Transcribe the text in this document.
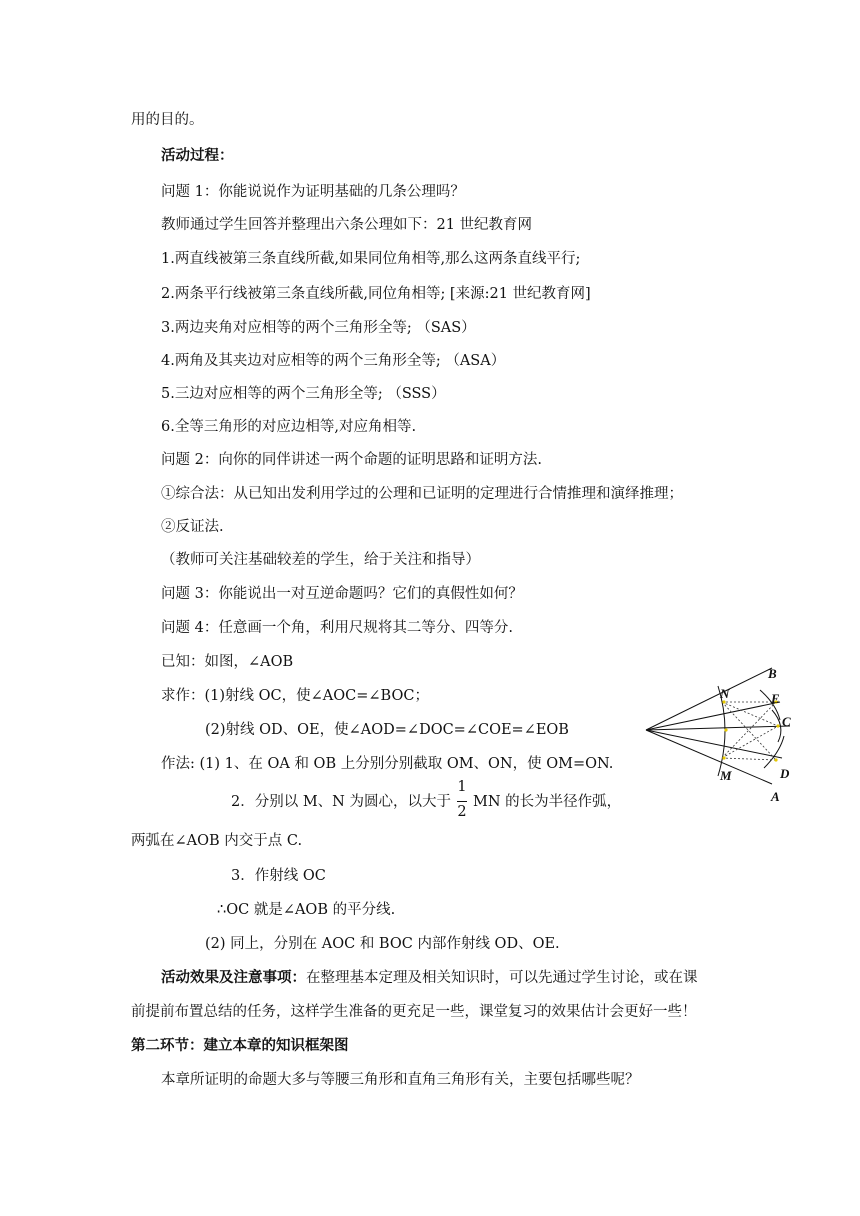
用的目的。
活动过程：
问题 1：你能说说作为证明基础的几条公理吗？
教师通过学生回答并整理出六条公理如下：21 世纪教育网
1.两直线被第三条直线所截,如果同位角相等,那么这两条直线平行;
2.两条平行线被第三条直线所截,同位角相等; [来源:21 世纪教育网]
3.两边夹角对应相等的两个三角形全等; （SAS）
4.两角及其夹边对应相等的两个三角形全等; （ASA）
5.三边对应相等的两个三角形全等; （SSS）
6.全等三角形的对应边相等,对应角相等.
问题 2：向你的同伴讲述一两个命题的证明思路和证明方法.
①综合法：从已知出发利用学过的公理和已证明的定理进行合情推理和演绎推理；
②反证法.
（教师可关注基础较差的学生，给于关注和指导）
问题 3：你能说出一对互逆命题吗？它们的真假性如何？
问题 4：任意画一个角，利用尺规将其二等分、四等分.
已知：如图，∠AOB
求作：(1)射线 OC，使∠AOC=∠BOC；
(2)射线 OD、OE，使∠AOD=∠DOC=∠COE=∠EOB
作法: (1) 1、在 OA 和 OB 上分别分别截取 OM、ON，使 OM=ON.
2．分别以 M、N 为圆心，以大于
1
2
MN 的长为半径作弧，
两弧在∠AOB 内交于点 C.
3．作射线 OC
∴OC 就是∠AOB 的平分线.
(2) 同上，分别在 AOC 和 BOC 内部作射线 OD、OE.
活动效果及注意事项：在整理基本定理及相关知识时，可以先通过学生讨论，或在课
前提前布置总结的任务，这样学生准备的更充足一些，课堂复习的效果估计会更好一些！
第二环节：建立本章的知识框架图
本章所证明的命题大多与等腰三角形和直角三角形有关，主要包括哪些呢？
B
N	E
C
M	D
A
